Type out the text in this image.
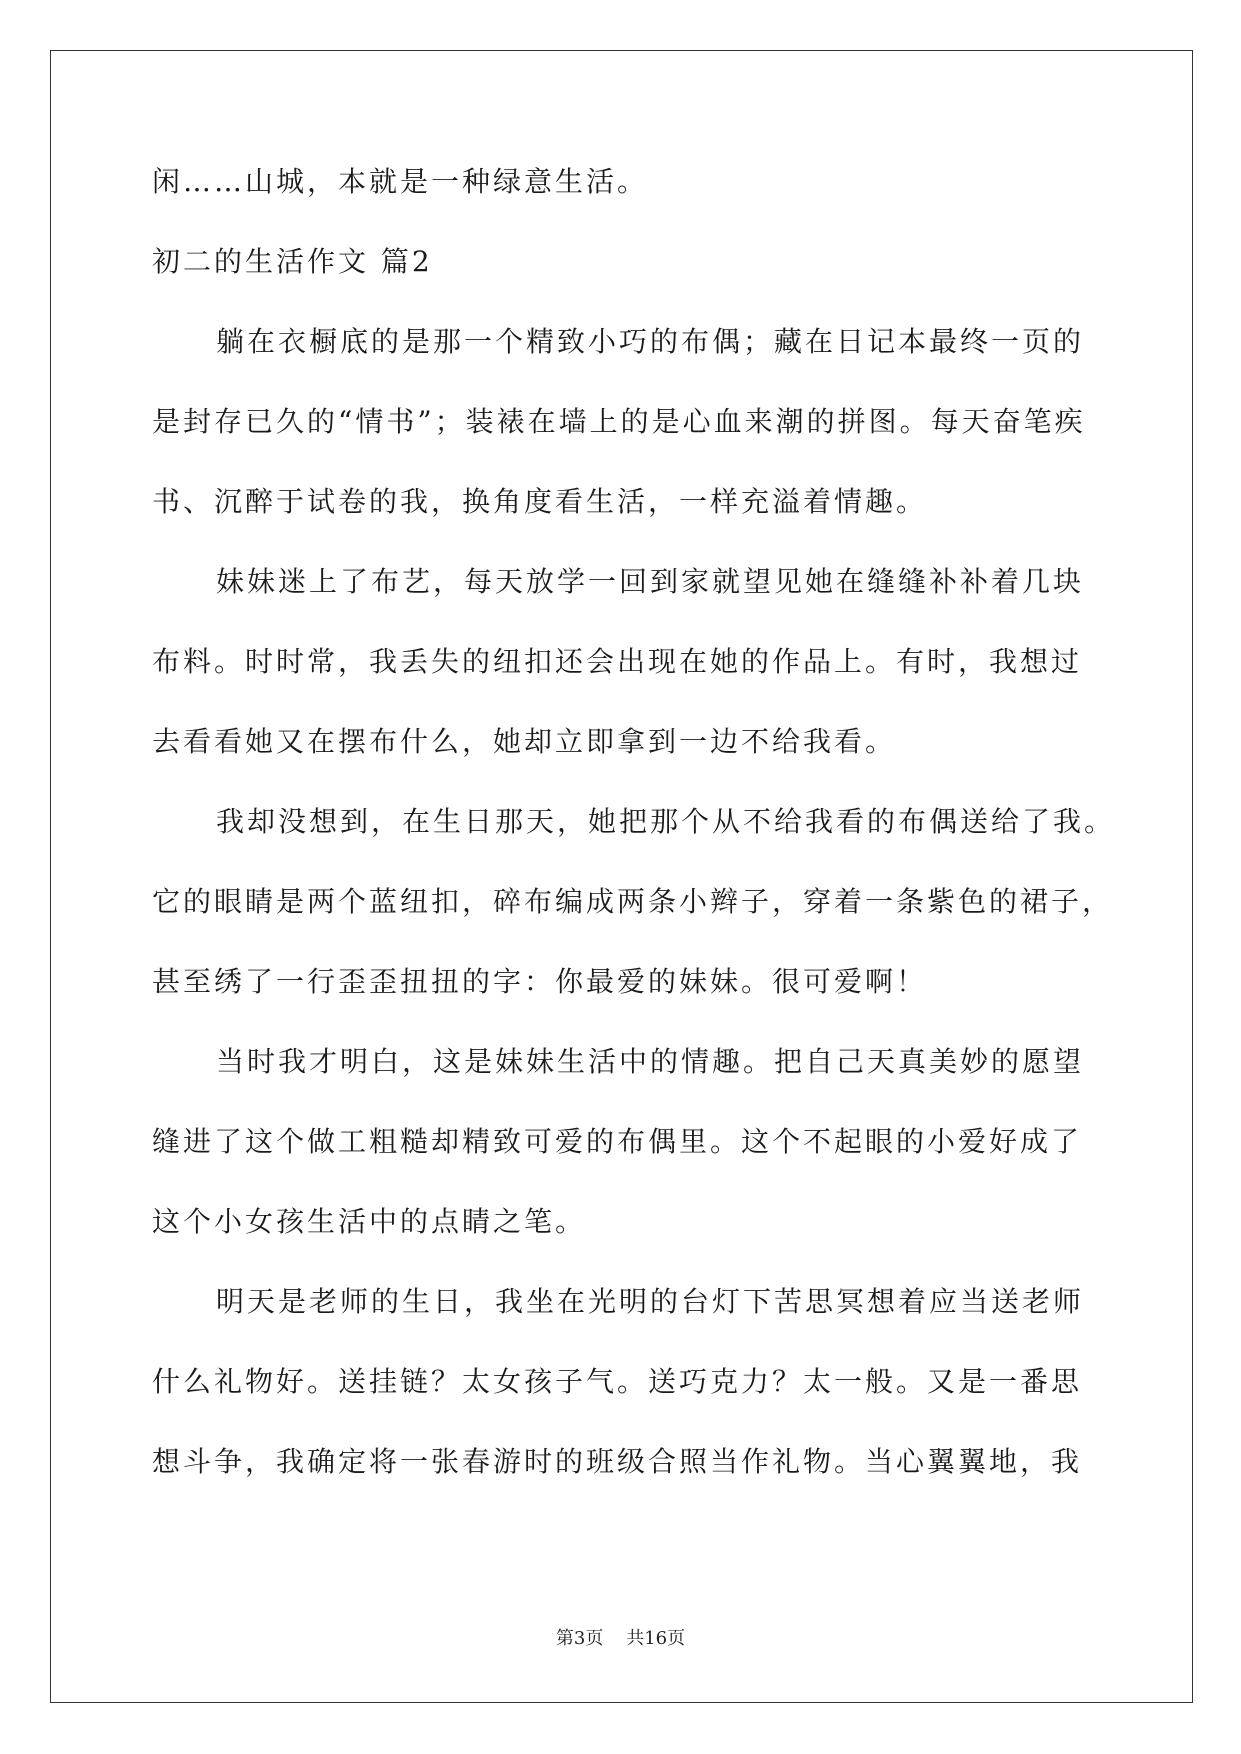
闲……山城，本就是一种绿意生活。
初二的生活作文 篇2
躺在衣橱底的是那一个精致小巧的布偶；藏在日记本最终一页的
是封存已久的“情书”；装裱在墙上的是心血来潮的拼图。每天奋笔疾
书、沉醉于试卷的我，换角度看生活，一样充溢着情趣。
妹妹迷上了布艺，每天放学一回到家就望见她在缝缝补补着几块
布料。时时常，我丢失的纽扣还会出现在她的作品上。有时，我想过
去看看她又在摆布什么，她却立即拿到一边不给我看。
我却没想到，在生日那天，她把那个从不给我看的布偶送给了我。
它的眼睛是两个蓝纽扣，碎布编成两条小辫子，穿着一条紫色的裙子，
甚至绣了一行歪歪扭扭的字：你最爱的妹妹。很可爱啊！
当时我才明白，这是妹妹生活中的情趣。把自己天真美妙的愿望
缝进了这个做工粗糙却精致可爱的布偶里。这个不起眼的小爱好成了
这个小女孩生活中的点睛之笔。
明天是老师的生日，我坐在光明的台灯下苦思冥想着应当送老师
什么礼物好。送挂链？太女孩子气。送巧克力？太一般。又是一番思
想斗争，我确定将一张春游时的班级合照当作礼物。当心翼翼地，我
第3页    共16页
